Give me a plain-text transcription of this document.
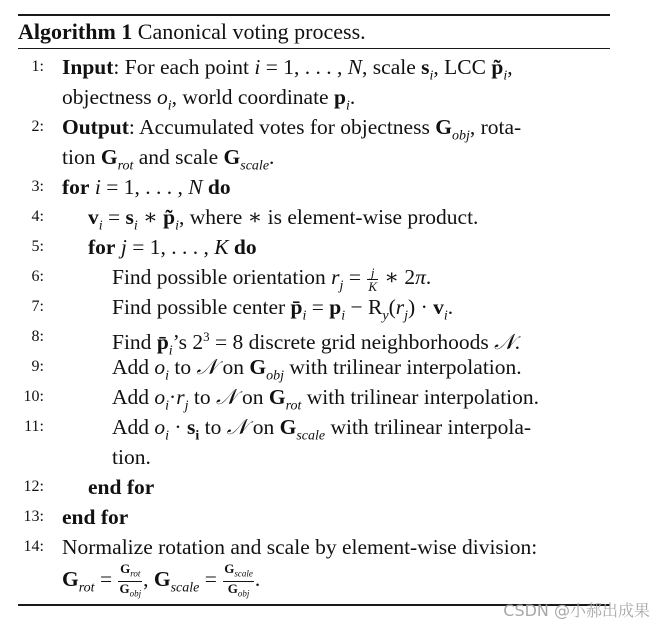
Algorithm 1 Canonical voting process.
1: Input: For each point i = 1, . . . , N, scale $s_i$, LCC $p̃_i$,
objectness $o_i$, world coordinate $p_i$.
2: Output: Accumulated votes for objectness $G_{obj}$, rota-
tion $G_{rot}$ and scale $G_{scale}$.
3: for i = 1, . . . , N do
4: $v_i = s_i$ ∗ $p̃_i$, where ∗ is element-wise product.
5: for j = 1, . . . , K do
6:	Find possible orientation $r_j = \frac{j}{K}$ ∗ 2π.
7:	Find possible center $p̄_i = p_i - R_y(r_j) \cdot v_i$.
8:	Find $p̄_i’s$ $2^3 = 8$ discrete grid neighborhoods 𝒩.
9:	Add $o_i$ to 𝒩 on $G_{obj}$ with trilinear interpolation.
10:	Add $o_i\cdot r_j$ to 𝒩 on $G_{rot}$ with trilinear interpolation.
11:	Add $o_i \cdot s_i$ to 𝒩 on $G_{scale}$ with trilinear interpola-
tion.
12: end for
13: end for
14: Normalize rotation and scale by element-wise division:
$G_{rot} = \frac{G_{rot}}{G_{obj}}$ , $G_{scale} = \frac{G_{scale}}{G_{obj}}$ .
CSDN @小郝出成果
